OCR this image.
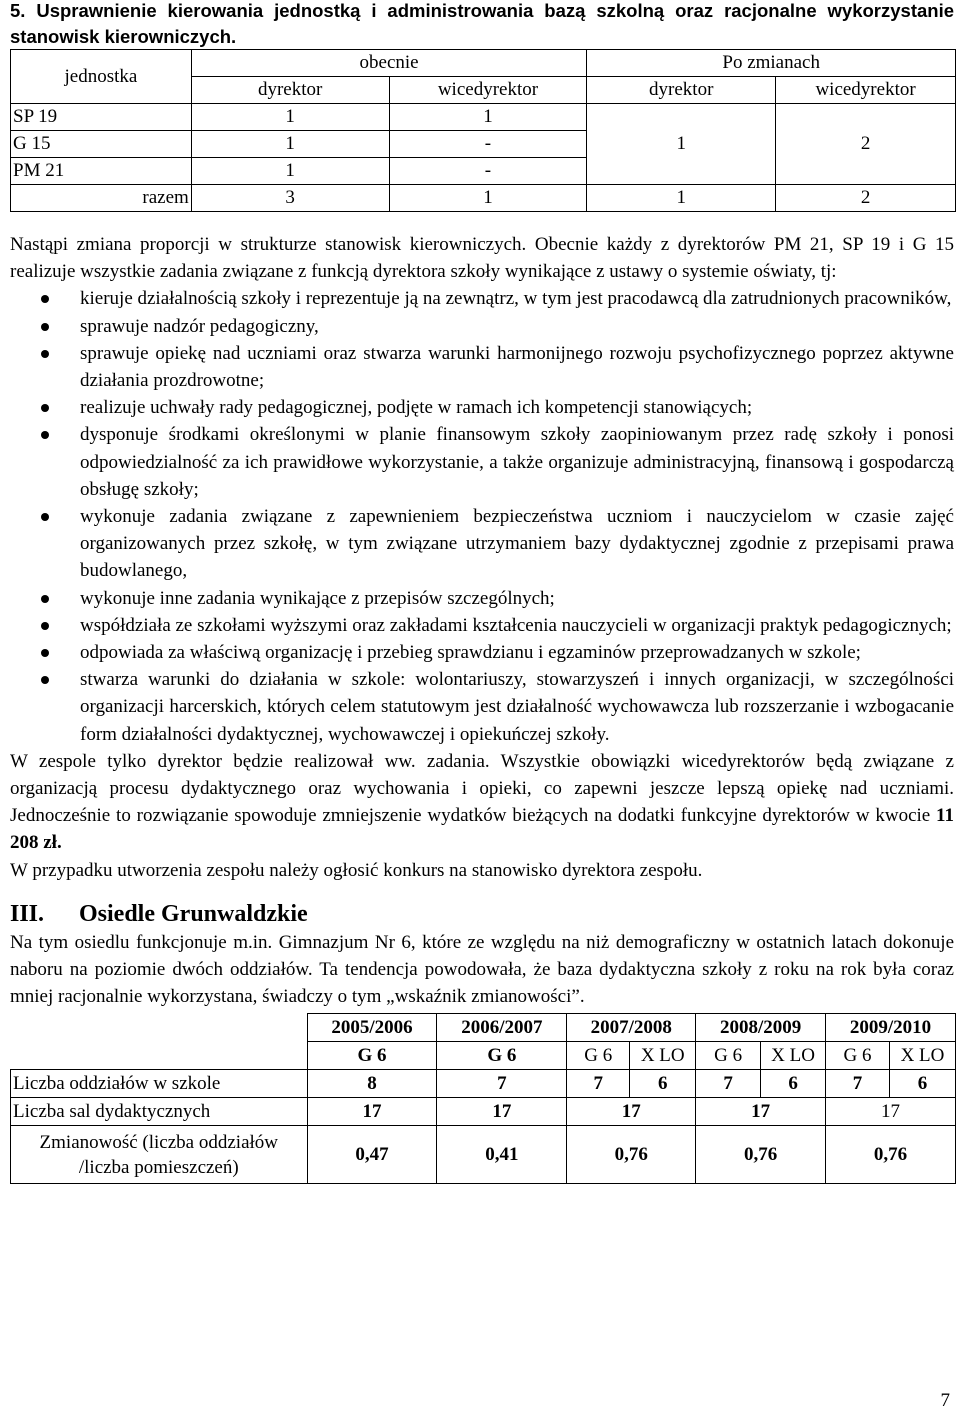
5. Usprawnienie kierowania jednostką i administrowania bazą szkolną oraz racjonalne wykorzystanie stanowisk kierowniczych.
jednostka	obecnie		Po zmianach	
	dyrektor	wicedyrektor	dyrektor	wicedyrektor
SP 19	1	1	1	2
G 15	1	-		
PM 21	1	-		
razem	3	1	1	2

Nastąpi zmiana proporcji w strukturze stanowisk kierowniczych. Obecnie każdy z dyrektorów PM 21, SP 19 i G 15 realizuje wszystkie zadania związane z funkcją dyrektora szkoły wynikające z ustawy o systemie oświaty, tj:

kieruje działalnością szkoły i reprezentuje ją na zewnątrz, w tym jest pracodawcą dla zatrudnionych pracowników,
sprawuje nadzór pedagogiczny,
sprawuje opiekę nad uczniami oraz stwarza warunki harmonijnego rozwoju psychofizycznego poprzez aktywne działania prozdrowotne;
realizuje uchwały rady pedagogicznej, podjęte w ramach ich kompetencji stanowiących;
dysponuje środkami określonymi w planie finansowym szkoły zaopiniowanym przez radę szkoły i ponosi odpowiedzialność za ich prawidłowe wykorzystanie, a także organizuje administracyjną, finansową i gospodarczą obsługę szkoły;
wykonuje zadania związane z zapewnieniem bezpieczeństwa uczniom i nauczycielom w czasie zajęć organizowanych przez szkołę, w tym związane utrzymaniem bazy dydaktycznej zgodnie z przepisami prawa budowlanego,
wykonuje inne zadania wynikające z przepisów szczególnych;
współdziała ze szkołami wyższymi oraz zakładami kształcenia nauczycieli w organizacji praktyk pedagogicznych;
odpowiada za właściwą organizację i przebieg sprawdzianu i egzaminów przeprowadzanych w szkole;
stwarza warunki do działania w szkole: wolontariuszy, stowarzyszeń i innych organizacji, w szczególności organizacji harcerskich, których celem statutowym jest działalność wychowawcza lub rozszerzanie i wzbogacanie form działalności dydaktycznej, wychowawczej i opiekuńczej szkoły.

W zespole tylko dyrektor będzie realizował ww. zadania. Wszystkie obowiązki wicedyrektorów będą związane z organizacją procesu dydaktycznego oraz wychowania i opieki, co zapewni jeszcze lepszą opiekę nad uczniami. Jednocześnie to rozwiązanie spowoduje zmniejszenie wydatków bieżących na dodatki funkcyjne dyrektorów w kwocie 11 208 zł.

W przypadku utworzenia zespołu należy ogłosić konkurs na stanowisko dyrektora zespołu.

III. Osiedle Grunwaldzkie

Na tym osiedlu funkcjonuje m.in. Gimnazjum Nr 6, które ze względu na niż demograficzny w ostatnich latach dokonuje naboru na poziomie dwóch oddziałów. Ta tendencja powodowała, że baza dydaktyczna szkoły z roku na rok była coraz mniej racjonalnie wykorzystana, świadczy o tym „wskaźnik zmianowości”.

	2005/2006	2006/2007	2007/2008		2008/2009		2009/2010	
	G 6	G 6	G 6	X LO	G 6	X LO	G 6	X LO
Liczba oddziałów w szkole	8	7	7	6	7	6	7	6
Liczba sal dydaktycznych	17	17	17		17		17	
Zmianowość (liczba oddziałów
/liczba pomieszczeń)	0,47	0,41	0,76		0,76		0,76	
7
